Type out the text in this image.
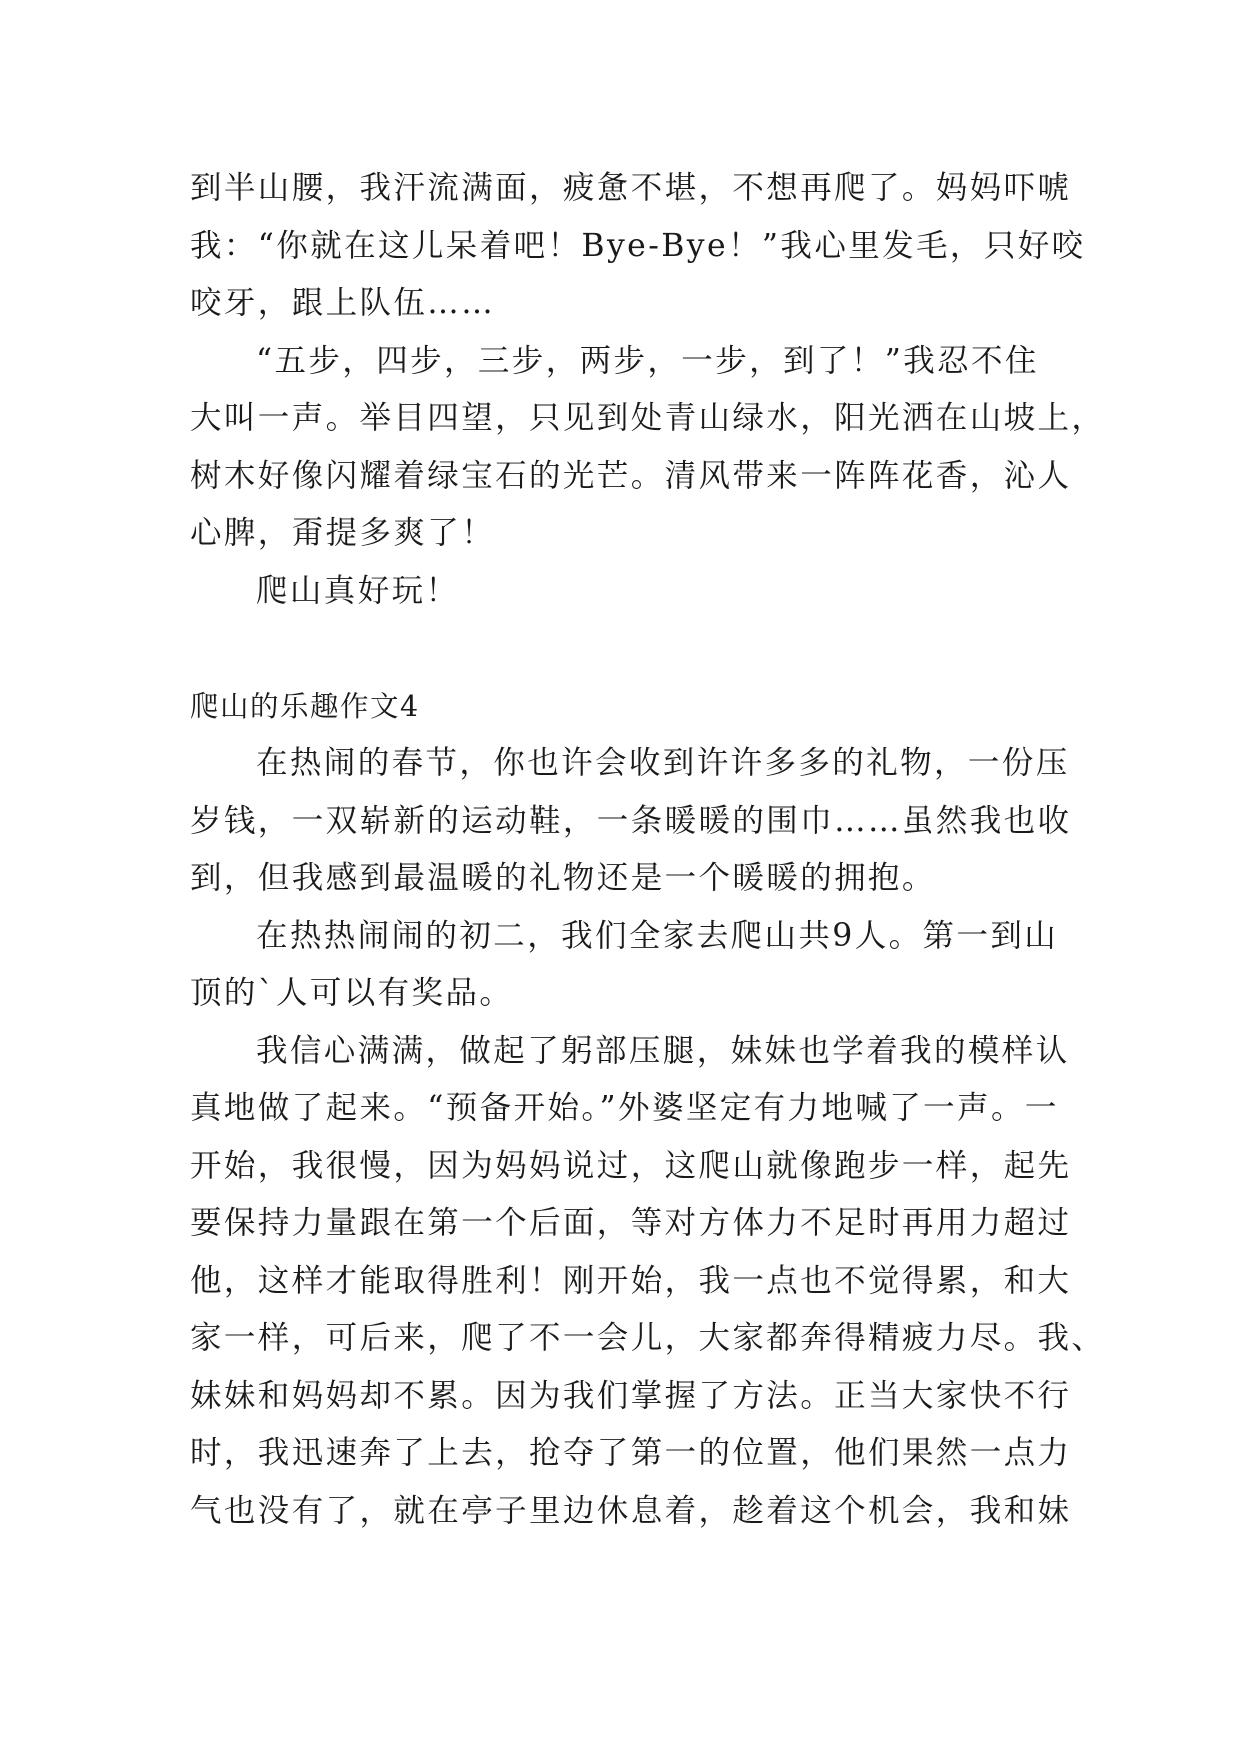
到半山腰，我汗流满面，疲惫不堪，不想再爬了。妈妈吓唬
我：“你就在这儿呆着吧！Bye-Bye！”我心里发毛，只好咬
咬牙，跟上队伍……
“五步，四步，三步，两步，一步，到了！”我忍不住
大叫一声。举目四望，只见到处青山绿水，阳光洒在山坡上，
树木好像闪耀着绿宝石的光芒。清风带来一阵阵花香，沁人
心脾，甭提多爽了！
爬山真好玩！
爬山的乐趣作文4
在热闹的春节，你也许会收到许许多多的礼物，一份压
岁钱，一双崭新的运动鞋，一条暖暖的围巾……虽然我也收
到，但我感到最温暖的礼物还是一个暖暖的拥抱。
在热热闹闹的初二，我们全家去爬山共9人。第一到山
顶的`人可以有奖品。
我信心满满，做起了躬部压腿，妹妹也学着我的模样认
真地做了起来。“预备开始。”外婆坚定有力地喊了一声。一
开始，我很慢，因为妈妈说过，这爬山就像跑步一样，起先
要保持力量跟在第一个后面，等对方体力不足时再用力超过
他，这样才能取得胜利！刚开始，我一点也不觉得累，和大
家一样，可后来，爬了不一会儿，大家都奔得精疲力尽。我、
妹妹和妈妈却不累。因为我们掌握了方法。正当大家快不行
时，我迅速奔了上去，抢夺了第一的位置，他们果然一点力
气也没有了，就在亭子里边休息着，趁着这个机会，我和妹
